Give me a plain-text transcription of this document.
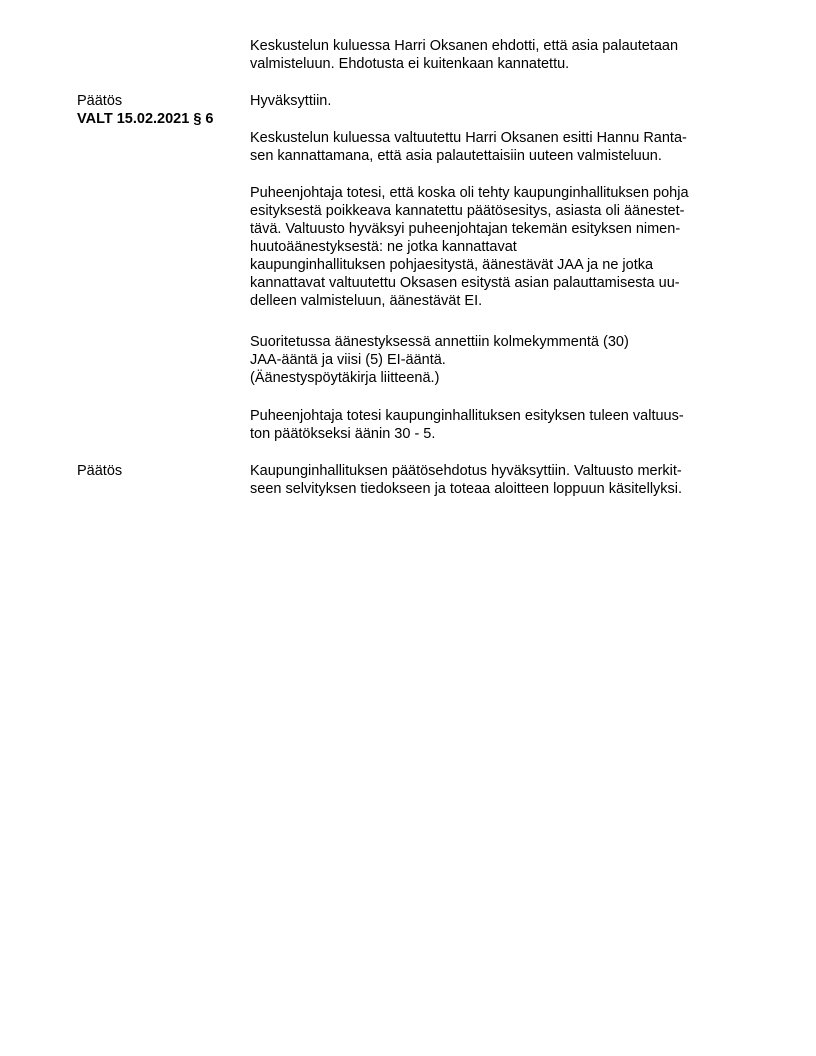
Keskustelun kuluessa Harri Oksanen ehdotti, että asia palautetaan
valmisteluun. Ehdotusta ei kuitenkaan kannatettu.
Päätös
VALT 15.02.2021 § 6
Hyväksyttiin.
Keskustelun kuluessa valtuutettu Harri Oksanen esitti Hannu Ranta-
sen kannattamana, että asia palautettaisiin uuteen valmisteluun.
Puheenjohtaja totesi, että koska oli tehty kaupunginhallituksen pohja
esityksestä poikkeava kannatettu päätösesitys, asiasta oli äänestet-
tävä. Valtuusto hyväksyi puheenjohtajan tekemän esityksen nimen-
huutoäänestyksestä: ne jotka kannattavat
kaupunginhallituksen pohjaesitystä, äänestävät JAA ja ne jotka
kannattavat valtuutettu Oksasen esitystä asian palauttamisesta uu-
delleen valmisteluun, äänestävät EI.
Suoritetussa äänestyksessä annettiin kolmekymmentä (30)
JAA-ääntä ja viisi (5) EI-ääntä.
(Äänestyspöytäkirja liitteenä.)
Puheenjohtaja totesi kaupunginhallituksen esityksen tuleen valtuus-
ton päätökseksi äänin 30 - 5.
Päätös	Kaupunginhallituksen päätösehdotus hyväksyttiin. Valtuusto merkit-
seen selvityksen tiedokseen ja toteaa aloitteen loppuun käsitellyksi.
